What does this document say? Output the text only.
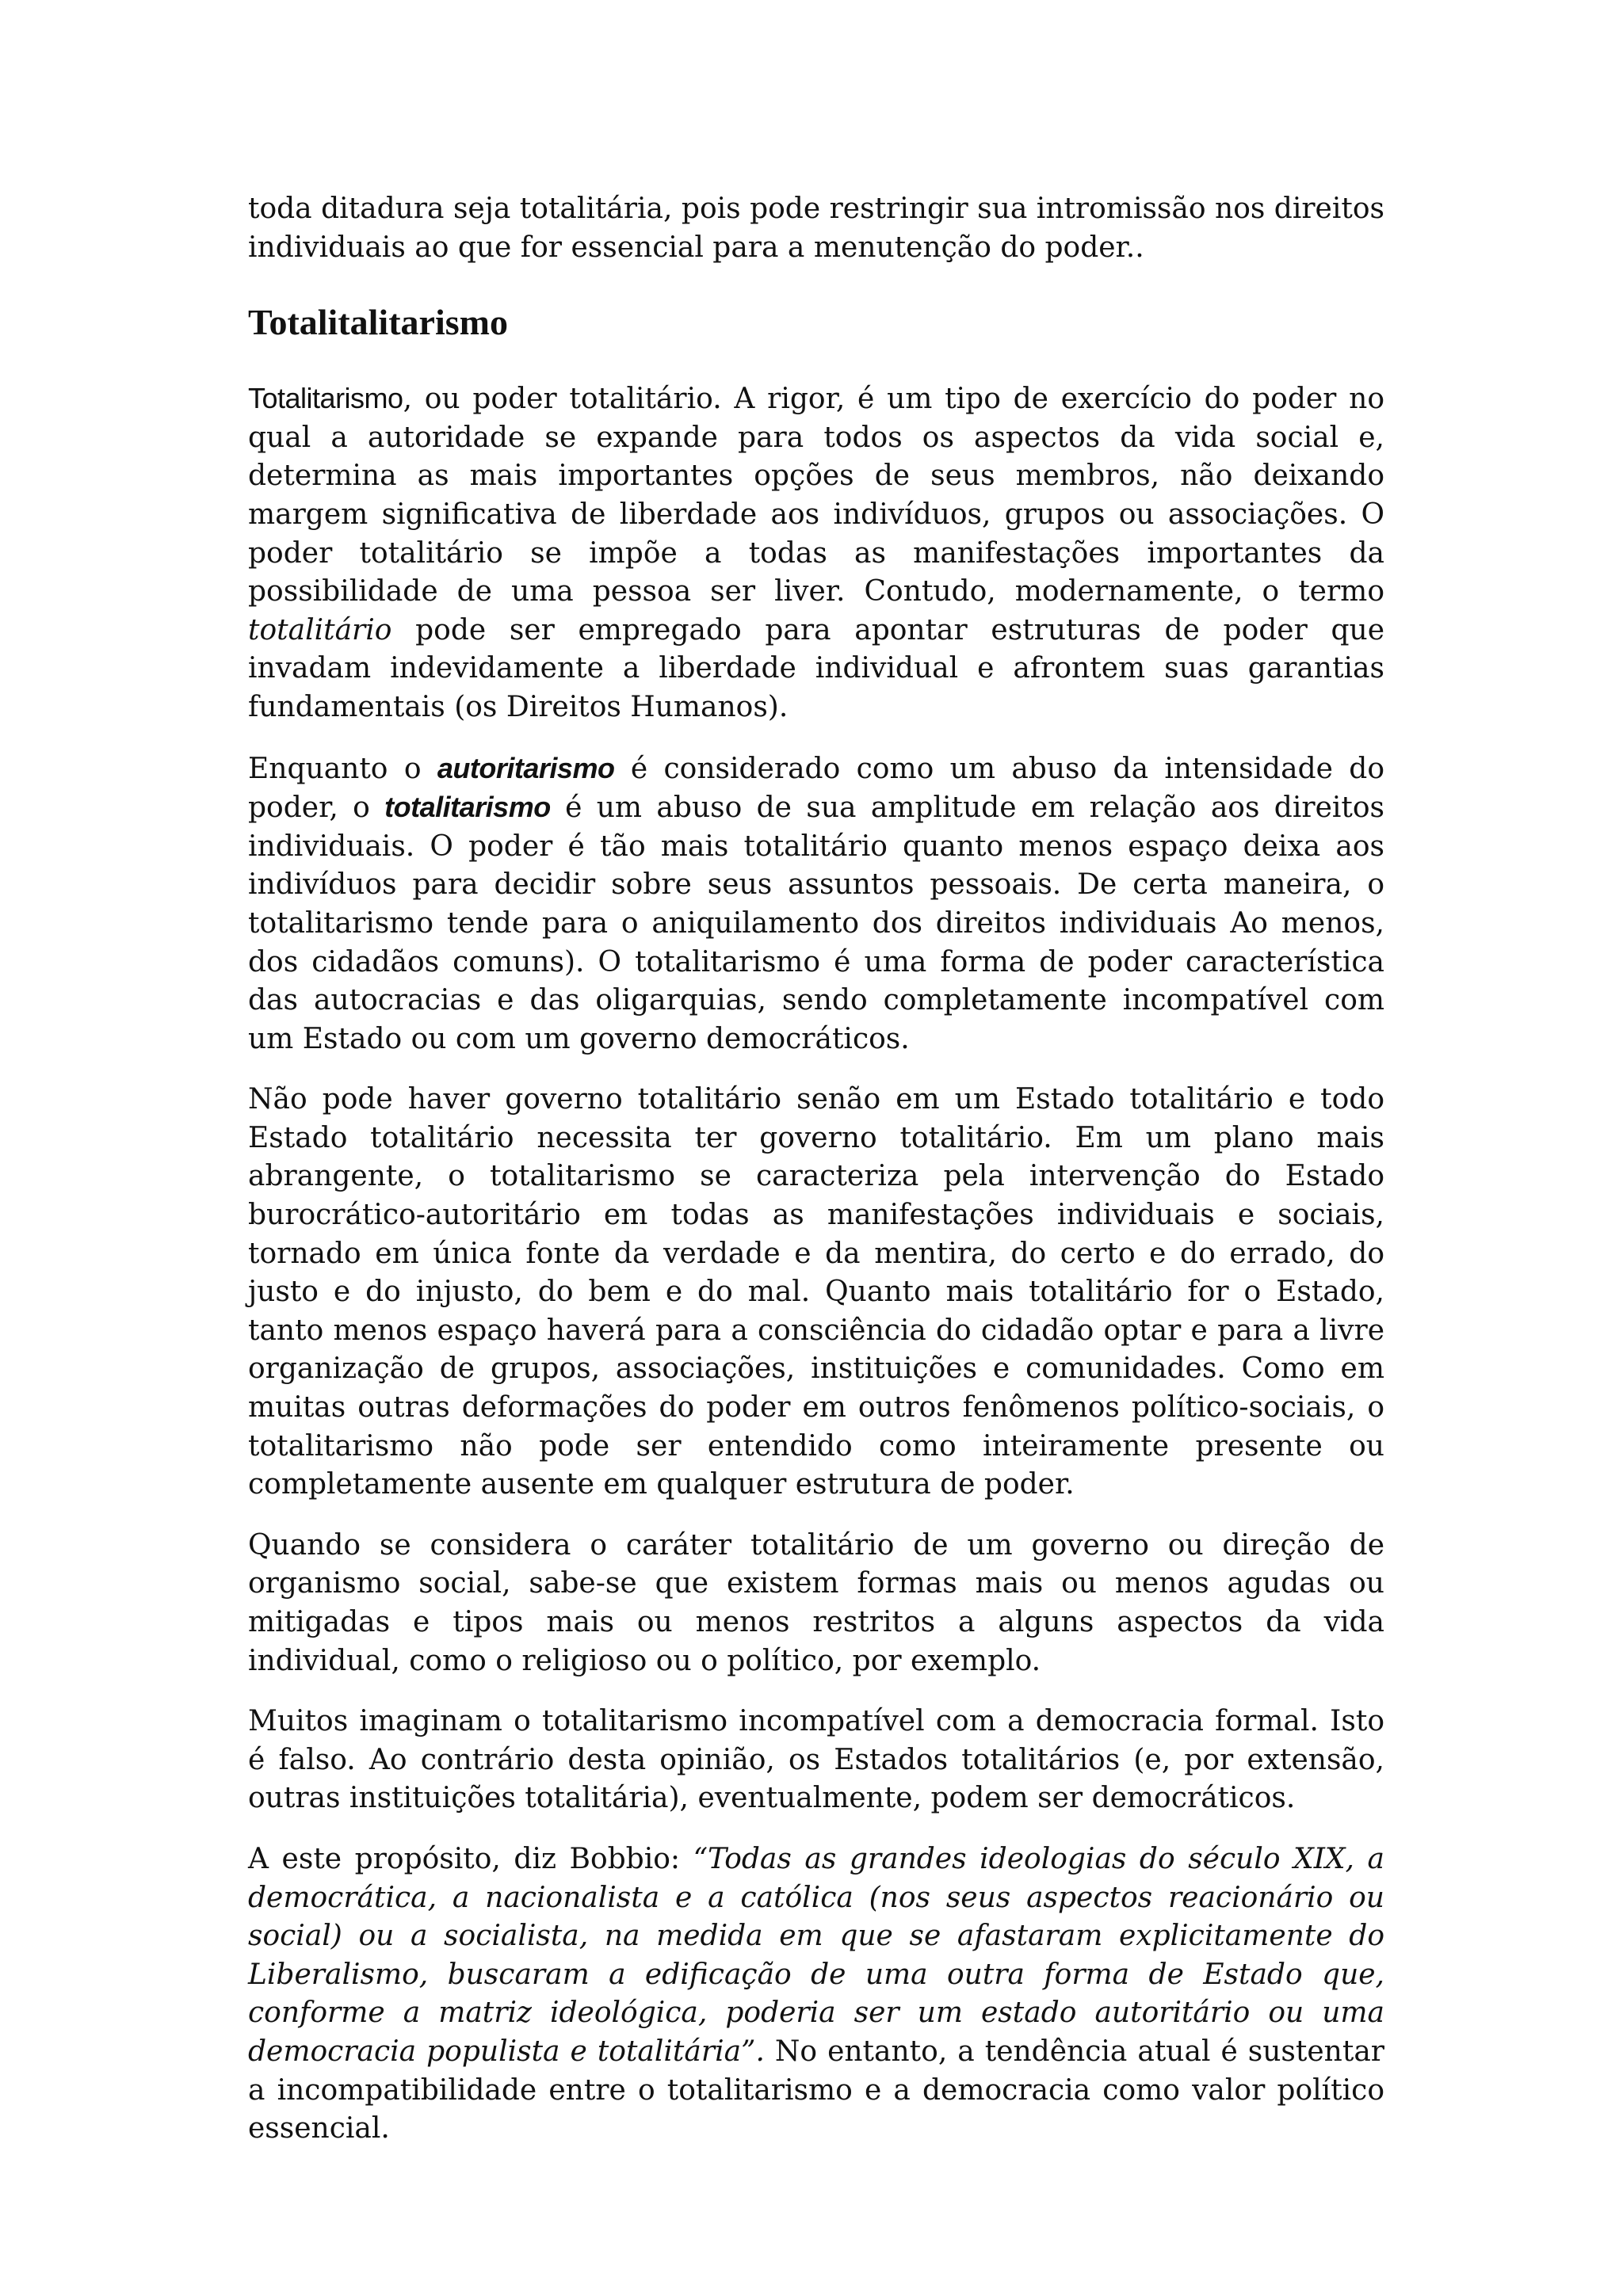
toda ditadura seja totalitária, pois pode restringir sua intromissão nos direitos individuais ao que for essencial para a menutenção do poder..

Totalitalitarismo

Totalitarismo, ou poder totalitário. A rigor, é um tipo de exercício do poder no qual a autoridade se expande para todos os aspectos da vida social e, determina as mais importantes opções de seus membros, não deixando margem significativa de liberdade aos indivíduos, grupos ou associações. O poder totalitário se impõe a todas as manifestações importantes da possibilidade de uma pessoa ser liver. Contudo, modernamente, o termo totalitário pode ser empregado para apontar estruturas de poder que invadam indevidamente a liberdade individual e afrontem suas garantias fundamentais (os Direitos Humanos).

Enquanto o autoritarismo é considerado como um abuso da intensidade do poder, o totalitarismo é um abuso de sua amplitude em relação aos direitos individuais. O poder é tão mais totalitário quanto menos espaço deixa aos indivíduos para decidir sobre seus assuntos pessoais. De certa maneira, o totalitarismo tende para o aniquilamento dos direitos individuais Ao menos, dos cidadãos comuns). O totalitarismo é uma forma de poder característica das autocracias e das oligarquias, sendo completamente incompatível com um Estado ou com um governo democráticos.

Não pode haver governo totalitário senão em um Estado totalitário e todo Estado totalitário necessita ter governo totalitário. Em um plano mais abrangente, o totalitarismo se caracteriza pela intervenção do Estado burocrático-autoritário em todas as manifestações individuais e sociais, tornado em única fonte da verdade e da mentira, do certo e do errado, do justo e do injusto, do bem e do mal. Quanto mais totalitário for o Estado, tanto menos espaço haverá para a consciência do cidadão optar e para a livre organização de grupos, associações, instituições e comunidades. Como em muitas outras deformações do poder em outros fenômenos político-sociais, o totalitarismo não pode ser entendido como inteiramente presente ou completamente ausente em qualquer estrutura de poder.

Quando se considera o caráter totalitário de um governo ou direção de organismo social, sabe-se que existem formas mais ou menos agudas ou mitigadas e tipos mais ou menos restritos a alguns aspectos da vida individual, como o religioso ou o político, por exemplo.

Muitos imaginam o totalitarismo incompatível com a democracia formal. Isto é falso. Ao contrário desta opinião, os Estados totalitários (e, por extensão, outras instituições totalitária), eventualmente, podem ser democráticos.

A este propósito, diz Bobbio: “Todas as grandes ideologias do século XIX, a democrática, a nacionalista e a católica (nos seus aspectos reacionário ou social) ou a socialista, na medida em que se afastaram explicitamente do Liberalismo, buscaram a edificação de uma outra forma de Estado que, conforme a matriz ideológica, poderia ser um estado autoritário ou uma democracia populista e totalitária”. No entanto, a tendência atual é sustentar a incompatibilidade entre o totalitarismo e a democracia como valor político essencial.
